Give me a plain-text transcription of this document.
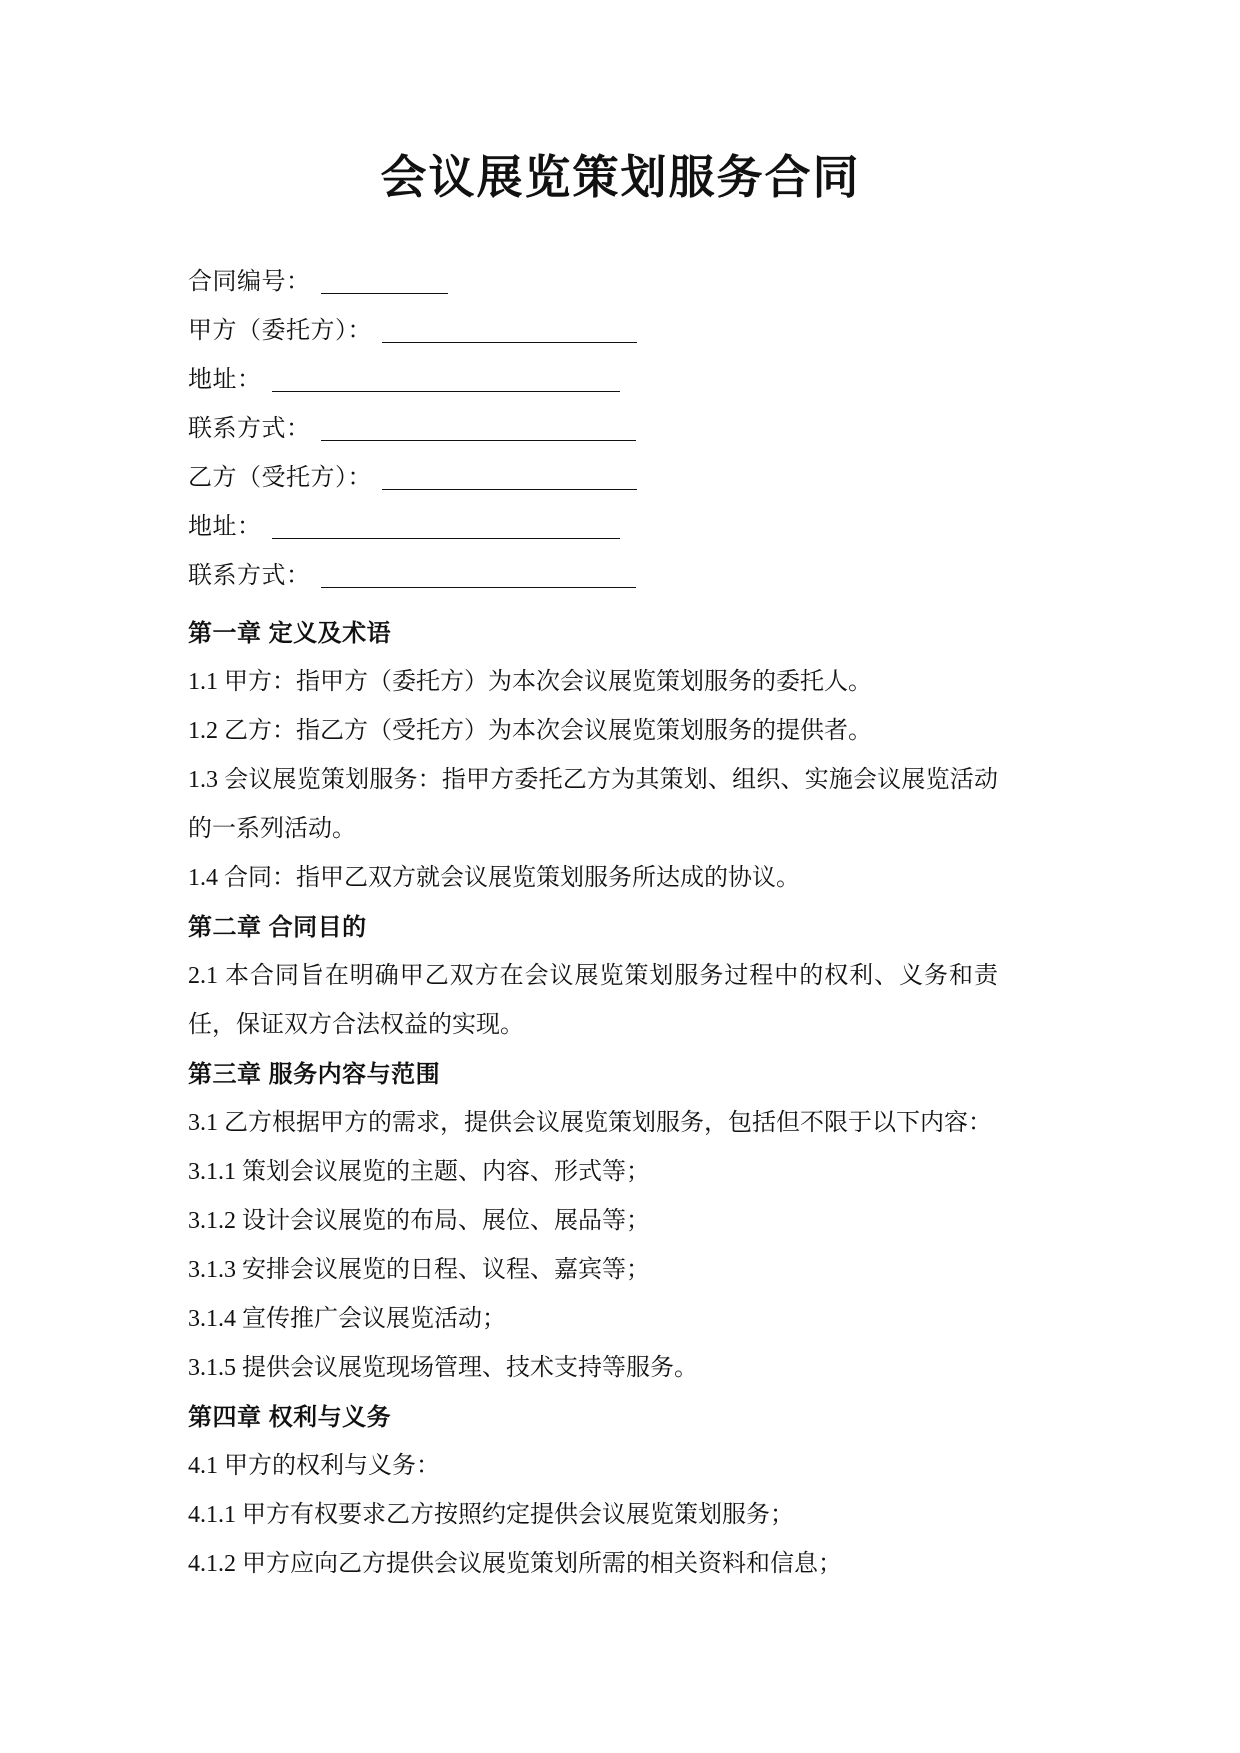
会议展览策划服务合同
合同编号：
甲方（委托方）：
地址：
联系方式：
乙方（受托方）：
地址：
联系方式：
第一章 定义及术语

1.1 甲方：指甲方（委托方）为本次会议展览策划服务的委托人。

1.2 乙方：指乙方（受托方）为本次会议展览策划服务的提供者。

1.3 会议展览策划服务：指甲方委托乙方为其策划、组织、实施会议展览活动的一系列活动。

1.4 合同：指甲乙双方就会议展览策划服务所达成的协议。

第二章 合同目的

2.1 本合同旨在明确甲乙双方在会议展览策划服务过程中的权利、义务和责任，保证双方合法权益的实现。

第三章 服务内容与范围

3.1 乙方根据甲方的需求，提供会议展览策划服务，包括但不限于以下内容：

3.1.1 策划会议展览的主题、内容、形式等；

3.1.2 设计会议展览的布局、展位、展品等；

3.1.3 安排会议展览的日程、议程、嘉宾等；

3.1.4 宣传推广会议展览活动；

3.1.5 提供会议展览现场管理、技术支持等服务。

第四章 权利与义务

4.1 甲方的权利与义务：

4.1.1 甲方有权要求乙方按照约定提供会议展览策划服务；

4.1.2 甲方应向乙方提供会议展览策划所需的相关资料和信息；
